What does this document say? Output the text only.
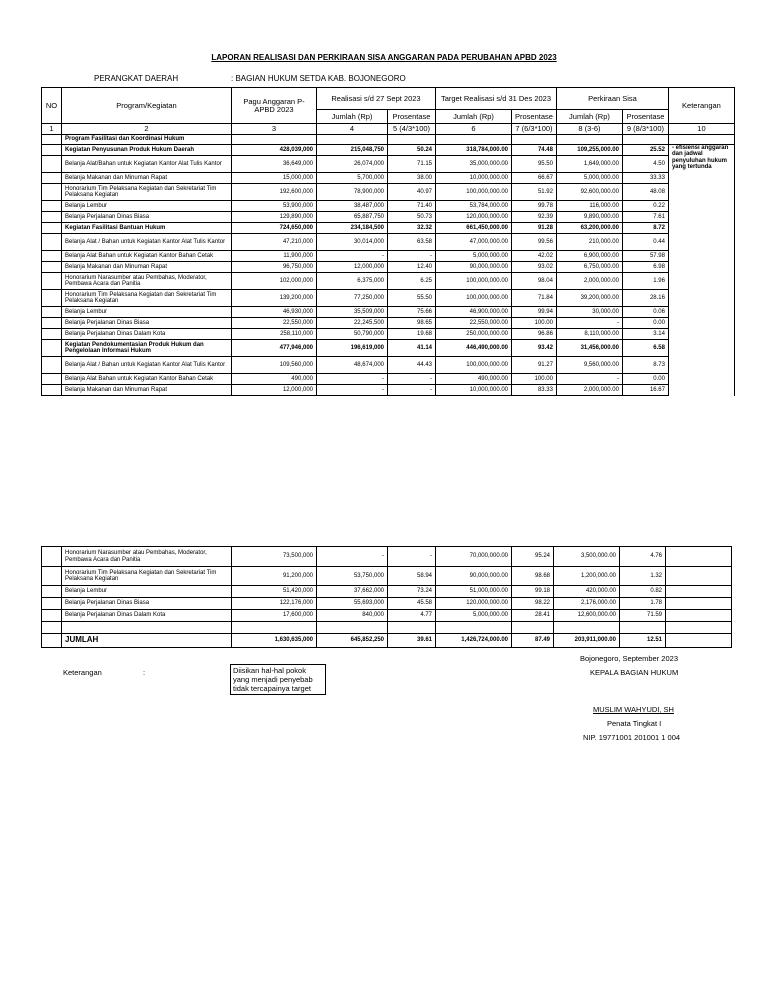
LAPORAN REALISASI DAN PERKIRAAN SISA ANGGARAN PADA PERUBAHAN APBD 2023
PERANGKAT DAERAH	: BAGIAN HUKUM SETDA KAB. BOJONEGORO
NO	Program/Kegiatan	Pagu Anggaran P-APBD 2023	Realisasi s/d 27 Sept 2023		Target Realisasi s/d 31 Des 2023		Perkiraan Sisa		Keterangan
			Jumlah (Rp)	Prosentase	Jumlah (Rp)	Prosentase	Jumlah (Rp)	Prosentase	
1	2	3	4	5 (4/3*100)	6	7 (6/3*100)	8 (3-6)	9 (8/3*100)	10
	Program Fasilitasi dan Koordinasi Hukum								
	Kegiatan Penyusunan Produk Hukum Daerah	428,039,000	215,048,750	50.24	318,784,000.00	74.48	109,255,000.00	25.52	- efisiensi anggaran dan jadwal penyuluhan hukum yang tertunda
	Belanja Alat/Bahan untuk Kegiatan Kantor Alat Tulis Kantor	36,649,000	26,074,000	71.15	35,000,000.00	95.50	1,649,000.00	4.50	
	Belanja Makanan dan Minuman Rapat	15,000,000	5,700,000	38.00	10,000,000.00	66.67	5,000,000.00	33.33	
	Honorarium Tim Pelaksana Kegiatan dan Sekretariat Tim Pelaksana Kegiatan	192,600,000	78,900,000	40.97	100,000,000.00	51.92	92,600,000.00	48.08	
	Belanja Lembur	53,900,000	38,487,000	71.40	53,784,000.00	99.78	116,000.00	0.22	
	Belanja Perjalanan Dinas Biasa	129,890,000	65,887,750	50.73	120,000,000.00	92.39	9,890,000.00	7.61	
	Kegiatan Fasilitasi Bantuan Hukum	724,650,000	234,184,500	32.32	661,450,000.00	91.28	63,200,000.00	8.72	
	Belanja Alat / Bahan untuk Kegiatan Kantor Alat Tulis Kantor	47,210,000	30,014,000	63.58	47,000,000.00	99.56	210,000.00	0.44	
	Belanja Alat Bahan untuk Kegiatan Kantor Bahan Cetak	11,900,000	-	-	5,000,000.00	42.02	6,900,000.00	57.98	
	Belanja Makanan dan Minuman Rapat	96,750,000	12,000,000	12.40	90,000,000.00	93.02	6,750,000.00	6.98	
	Honorarium Narasumber atau Pembahas, Moderator, Pembawa Acara dan Panitia	102,000,000	6,375,000	6.25	100,000,000.00	98.04	2,000,000.00	1.96	
	Honorarium Tim Pelaksana Kegiatan dan Sekretariat Tim Pelaksana Kegiatan	139,200,000	77,250,000	55.50	100,000,000.00	71.84	39,200,000.00	28.16	
	Belanja Lembur	46,930,000	35,509,000	75.66	46,900,000.00	99.94	30,000.00	0.06	
	Belanja Perjalanan Dinas Biasa	22,550,000	22,245,500	98.65	22,550,000.00	100.00	-	0.00	
	Belanja Perjalanan Dinas Dalam Kota	258,110,000	50,790,000	19.68	250,000,000.00	96.86	8,110,000.00	3.14	
	Kegiatan Pendokumentasian Produk Hukum dan Pengelolaan Informasi Hukum	477,946,000	196,619,000	41.14	446,490,000.00	93.42	31,456,000.00	6.58	
	Belanja Alat / Bahan untuk Kegiatan Kantor Alat Tulis Kantor	109,560,000	48,674,000	44.43	100,000,000.00	91.27	9,560,000.00	8.73	
	Belanja Alat Bahan untuk Kegiatan Kantor Bahan Cetak	490,000	-	-	490,000.00	100.00	-	0.00	
	Belanja Makanan dan Minuman Rapat	12,000,000	-	-	10,000,000.00	83.33	2,000,000.00	16.67	
	Honorarium Narasumber atau Pembahas, Moderator, Pembawa Acara dan Panitia	73,500,000	-	-	70,000,000.00	95.24	3,500,000.00	4.76	
	Honorarium Tim Pelaksana Kegiatan dan Sekretariat Tim Pelaksana Kegiatan	91,200,000	53,750,000	58.94	90,000,000.00	98.68	1,200,000.00	1.32	
	Belanja Lembur	51,420,000	37,662,000	73.24	51,000,000.00	99.18	420,000.00	0.82	
	Belanja Perjalanan Dinas Biasa	122,176,000	55,693,000	45.58	120,000,000.00	98.22	2,176,000.00	1.78	
	Belanja Perjalanan Dinas Dalam Kota	17,600,000	840,000	4.77	5,000,000.00	28.41	12,600,000.00	71.59	

	JUMLAH	1,630,635,000	645,852,250	39.61	1,426,724,000.00	87.49	203,911,000.00	12.51	
Bojonegoro, September 2023
KEPALA BAGIAN HUKUM
Keterangan	:	Diisikan hal-hal pokok yang menjadi penyebab tidak tercapainya target
MUSLIM WAHYUDI, SH
Penata Tingkat I
NIP. 19771001 201001 1 004
